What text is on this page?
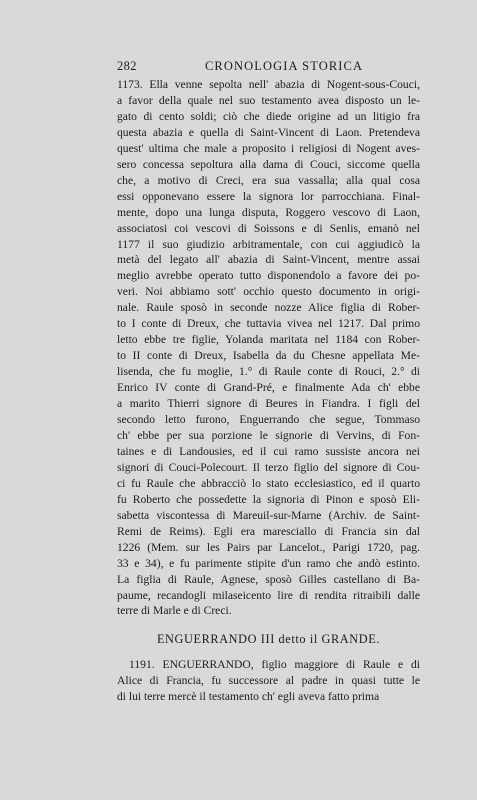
282	CRONOLOGIA STORICA
1173. Ella venne sepolta nell' abazia di Nogent-sous-Couci,
a favor della quale nel suo testamento avea disposto un le-
gato di cento soldi; ciò che diede origine ad un litigio fra
questa abazia e quella di Saint-Vincent di Laon. Pretendeva
quest' ultima che male a proposito i religiosi di Nogent aves-
sero concessa sepoltura alla dama di Couci, siccome quella
che, a motivo di Creci, era sua vassalla; alla qual cosa
essi opponevano essere la signora lor parrocchiana. Final-
mente, dopo una lunga disputa, Roggero vescovo di Laon,
associatosi coi vescovi di Soissons e di Senlis, emanò nel
1177 il suo giudizio arbitramentale, con cui aggiudicò la
metà del legato all' abazia di Saint-Vincent, mentre assai
meglio avrebbe operato tutto disponendolo a favore dei po-
veri. Noi abbiamo sott' occhio questo documento in origi-
nale. Raule sposò in seconde nozze Alice figlia di Rober-
to I conte di Dreux, che tuttavia vivea nel 1217. Dal primo
letto ebbe tre figlie, Yolanda maritata nel 1184 con Rober-
to II conte di Dreux, Isabella da du Chesne appellata Me-
lisenda, che fu moglie, 1.° di Raule conte di Rouci, 2.° di
Enrico IV conte di Grand-Pré, e finalmente Ada ch' ebbe
a marito Thierri signore di Beures in Fiandra. I figli del
secondo letto furono, Enguerrando che segue, Tommaso
ch' ebbe per sua porzione le signorie di Vervins, di Fon-
taines e di Landousies, ed il cui ramo sussiste ancora nei
signori di Couci-Polecourt. Il terzo figlio del signore di Cou-
ci fu Raule che abbracciò lo stato ecclesiastico, ed il quarto
fu Roberto che possedette la signoria di Pinon e sposò Eli-
sabetta viscontessa di Mareuil-sur-Marne (Archiv. de Saint-
Remi de Reims). Egli era maresciallo di Francia sin dal
1226 (Mem. sur les Pairs par Lancelot., Parigi 1720, pag.
33 e 34), e fu parimente stipite d'un ramo che andò estinto.
La figlia di Raule, Agnese, sposò Gilles castellano di Ba-
paume, recandogli milaseicento lire di rendita ritraibili dalle
terre di Marle e di Creci.
ENGUERRANDO III detto il GRANDE.
1191. ENGUERRANDO, figlio maggiore di Raule e di
Alice di Francia, fu successore al padre in quasi tutte le
di lui terre mercè il testamento ch' egli aveva fatto prima
